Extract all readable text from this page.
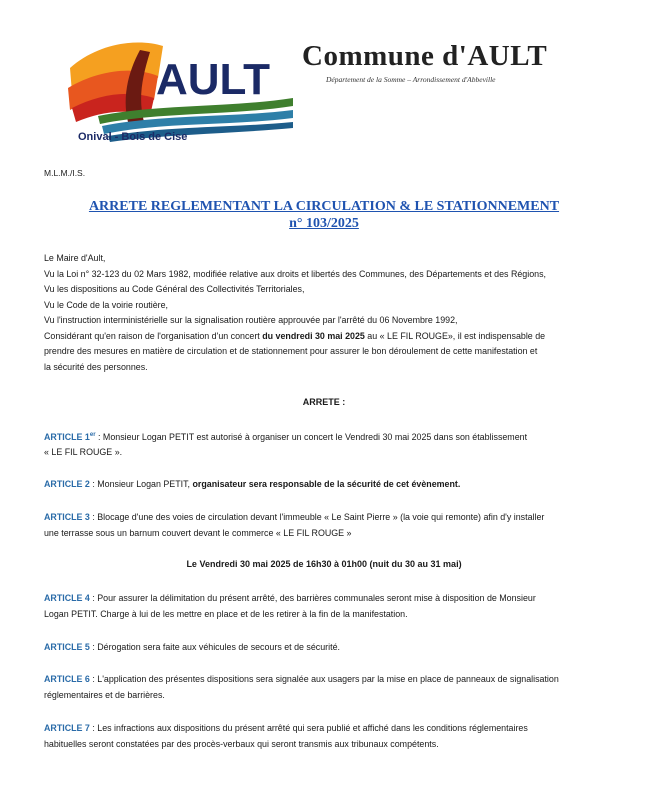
AULT
Onival - Bois de Cise
Commune d'AULT
Département de la Somme – Arrondissement d'Abbeville
M.L.M./I.S.
ARRETE REGLEMENTANT LA CIRCULATION & LE STATIONNEMENT
n° 103/2025
Le Maire d'Ault,
Vu la Loi n° 32-123 du 02 Mars 1982, modifiée relative aux droits et libertés des Communes, des Départements et des Régions,
Vu les dispositions au Code Général des Collectivités Territoriales,
Vu le Code de la voirie routière,
Vu l'instruction interministérielle sur la signalisation routière approuvée par l'arrêté du 06 Novembre 1992,
Considérant qu'en raison de l'organisation d'un concert du vendredi 30 mai 2025 au « LE FIL ROUGE», il est indispensable de
prendre des mesures en matière de circulation et de stationnement pour assurer le bon déroulement de cette manifestation et
la sécurité des personnes.
ARRETE :
ARTICLE 1er : Monsieur Logan PETIT est autorisé à organiser un concert le Vendredi 30 mai 2025 dans son établissement
« LE FIL ROUGE ».
ARTICLE 2 : Monsieur Logan PETIT, organisateur sera responsable de la sécurité de cet évènement.
ARTICLE 3 : Blocage d'une des voies de circulation devant l'immeuble « Le Saint Pierre » (la voie qui remonte) afin d'y installer
une terrasse sous un barnum couvert devant le commerce « LE FIL ROUGE »
Le Vendredi 30 mai 2025 de 16h30 à 01h00 (nuit du 30 au 31 mai)
ARTICLE 4 : Pour assurer la délimitation du présent arrêté, des barrières communales seront mise à disposition de Monsieur
Logan PETIT. Charge à lui de les mettre en place et de les retirer à la fin de la manifestation.
ARTICLE 5 : Dérogation sera faite aux véhicules de secours et de sécurité.
ARTICLE 6 : L'application des présentes dispositions sera signalée aux usagers par la mise en place de panneaux de signalisation
réglementaires et de barrières.
ARTICLE 7 : Les infractions aux dispositions du présent arrêté qui sera publié et affiché dans les conditions réglementaires
habituelles seront constatées par des procès-verbaux qui seront transmis aux tribunaux compétents.
